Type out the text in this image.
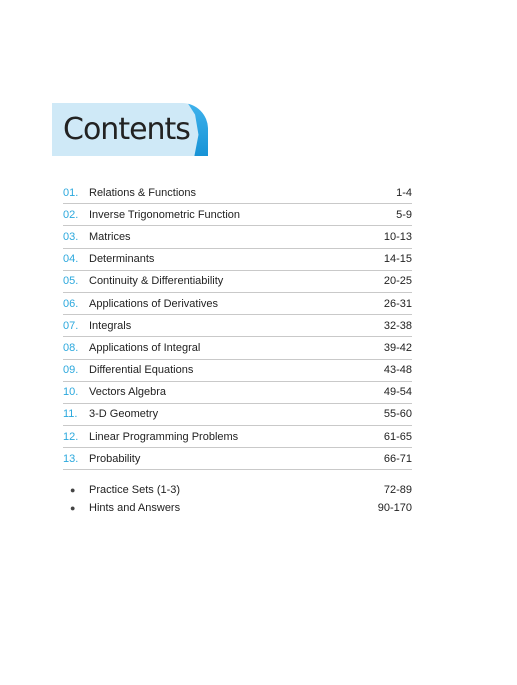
Contents
01. Relations & Functions	1-4
02. Inverse Trigonometric Function	5-9
03. Matrices	10-13
04. Determinants	14-15
05. Continuity & Differentiability	20-25
06. Applications of Derivatives	26-31
07. Integrals	32-38
08. Applications of Integral	39-42
09. Differential Equations	43-48
10. Vectors Algebra	49-54
11.	3-D Geometry	55-60
12. Linear Programming Problems	61-65
13. Probability	66-71
●	Practice Sets (1-3)	72-89
●	Hints and Answers	90-170
